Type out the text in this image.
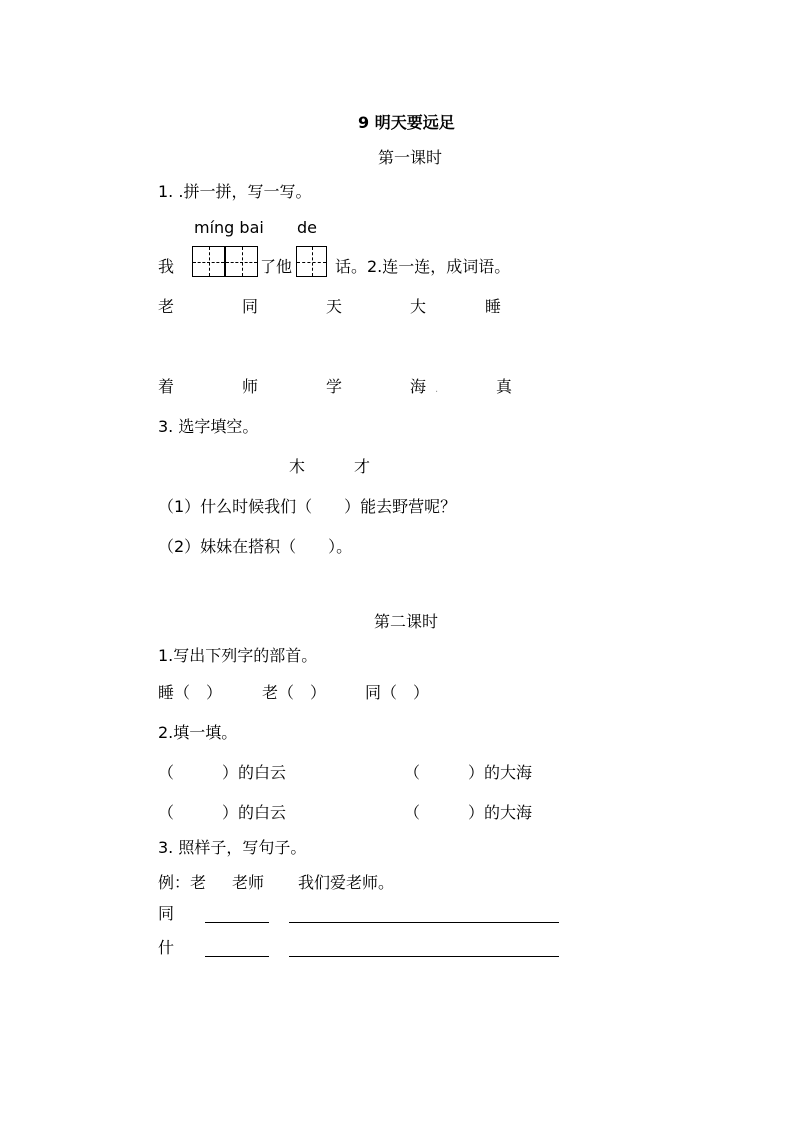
9 明天要远足
第一课时
1. .拼一拼，写一写。
míng bai de
我	了他	话。2.连一连，成词语。
老	同	天	大	睡
着	师	学	海 .	真
3. 选字填空。
木	才
（1）什么时候我们（　　）能去野营呢？
（2）妹妹在搭积（　　）。
第二课时
1.写出下列字的部首。
睡（　） 老（　） 同（　）
2.填一填。
（　　　）的白云	（　　　）的大海
（　　　）的白云	（　　　）的大海
3. 照样子，写句子。
例：老 老师 我们爱老师。
同
什
